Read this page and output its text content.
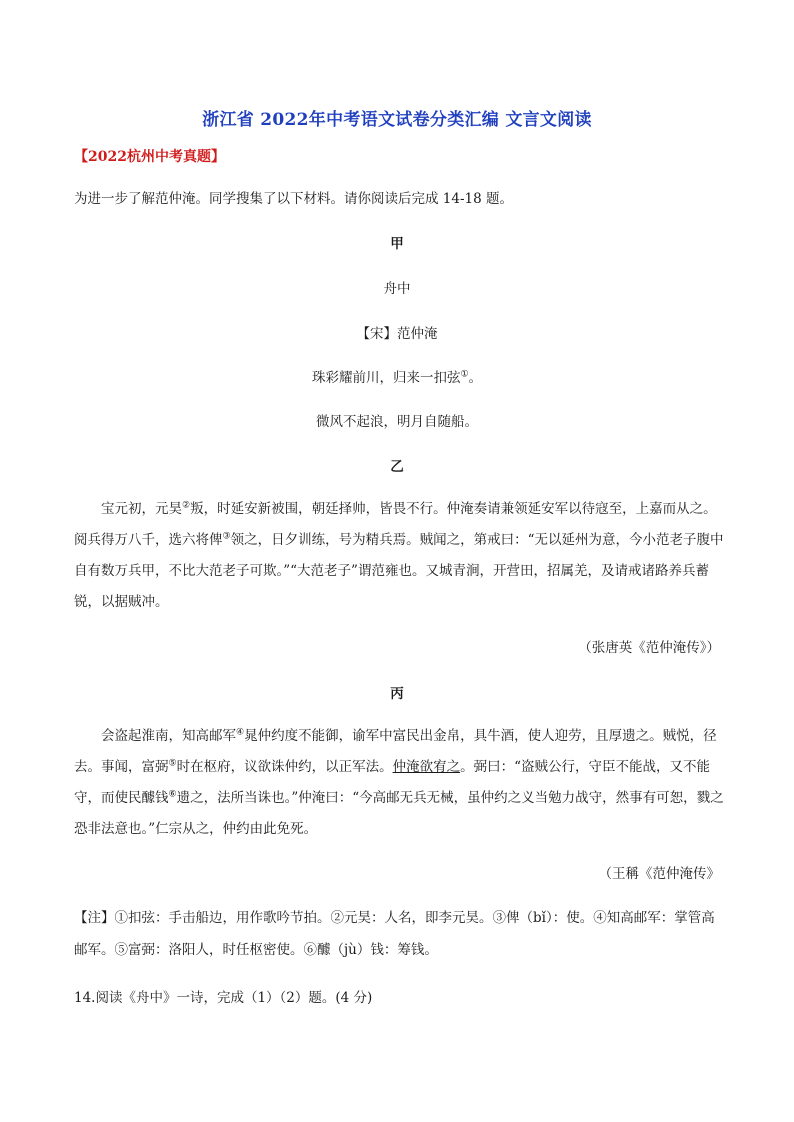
浙江省 2022年中考语文试卷分类汇编 文言文阅读
【2022杭州中考真题】
为进一步了解范仲淹。同学搜集了以下材料。请你阅读后完成 14-18 题。
甲
舟中
【宋】范仲淹
珠彩耀前川，归来一扣弦①。
微风不起浪，明月自随船。
乙
宝元初，元昊②叛，时延安新被围，朝廷择帅，皆畏不行。仲淹奏请兼领延安军以待寇至，上嘉而从之。阅兵得万八千，选六将俾③领之，日夕训练，号为精兵焉。贼闻之，第戒曰：“无以延州为意，今小范老子腹中自有数万兵甲，不比大范老子可欺。”“大范老子”谓范雍也。又城青涧，开营田，招属羌，及请戒诸路养兵蓄锐，以据贼冲。
（张唐英《范仲淹传》）
丙
会盗起淮南，知高邮军④晁仲约度不能御，谕军中富民出金帛，具牛酒，使人迎劳，且厚遗之。贼悦，径去。事闻，富弼⑤时在枢府，议欲诛仲约，以正军法。仲淹欲宥之。弼曰：“盗贼公行，守臣不能战，又不能守，而使民醵钱⑥遗之，法所当诛也。”仲淹曰：“今高邮无兵无械，虽仲约之义当勉力战守，然事有可恕，戮之恐非法意也。”仁宗从之，仲约由此免死。
（王稱《范仲淹传》
【注】①扣弦：手击船边，用作歌吟节拍。②元昊：人名，即李元昊。③俾（bǐ）：使。④知高邮军：掌管高邮军。⑤富弼：洛阳人，时任枢密使。⑥醵（jù）钱：筹钱。
14.阅读《舟中》一诗，完成（1）（2）题。(4 分)
